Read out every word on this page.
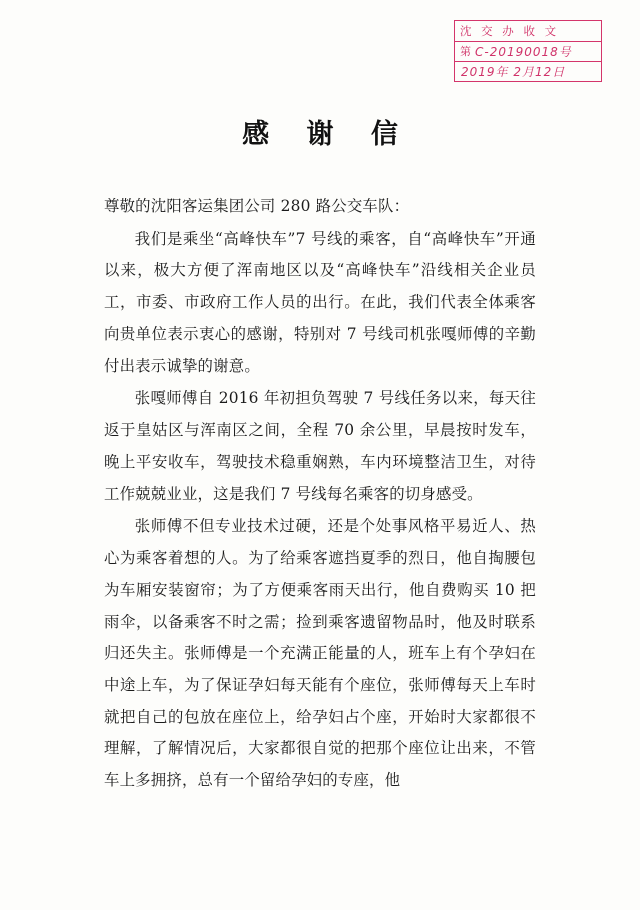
沈 交 办 收 文
第 C-20190018号
2019年 2月12日
感 谢 信

尊敬的沈阳客运集团公司 280 路公交车队：

我们是乘坐“高峰快车”7 号线的乘客，自“高峰快车”开通以来，极大方便了浑南地区以及“高峰快车”沿线相关企业员工，市委、市政府工作人员的出行。在此，我们代表全体乘客向贵单位表示衷心的感谢，特别对 7 号线司机张嘎师傅的辛勤付出表示诚挚的谢意。

张嘎师傅自 2016 年初担负驾驶 7 号线任务以来，每天往返于皇姑区与浑南区之间，全程 70 余公里，早晨按时发车，晚上平安收车，驾驶技术稳重娴熟，车内环境整洁卫生，对待工作兢兢业业，这是我们 7 号线每名乘客的切身感受。

张师傅不但专业技术过硬，还是个处事风格平易近人、热心为乘客着想的人。为了给乘客遮挡夏季的烈日，他自掏腰包为车厢安装窗帘；为了方便乘客雨天出行，他自费购买 10 把雨伞，以备乘客不时之需；捡到乘客遗留物品时，他及时联系归还失主。张师傅是一个充满正能量的人，班车上有个孕妇在中途上车，为了保证孕妇每天能有个座位，张师傅每天上车时就把自己的包放在座位上，给孕妇占个座，开始时大家都很不理解，了解情况后，大家都很自觉的把那个座位让出来，不管车上多拥挤，总有一个留给孕妇的专座，他
